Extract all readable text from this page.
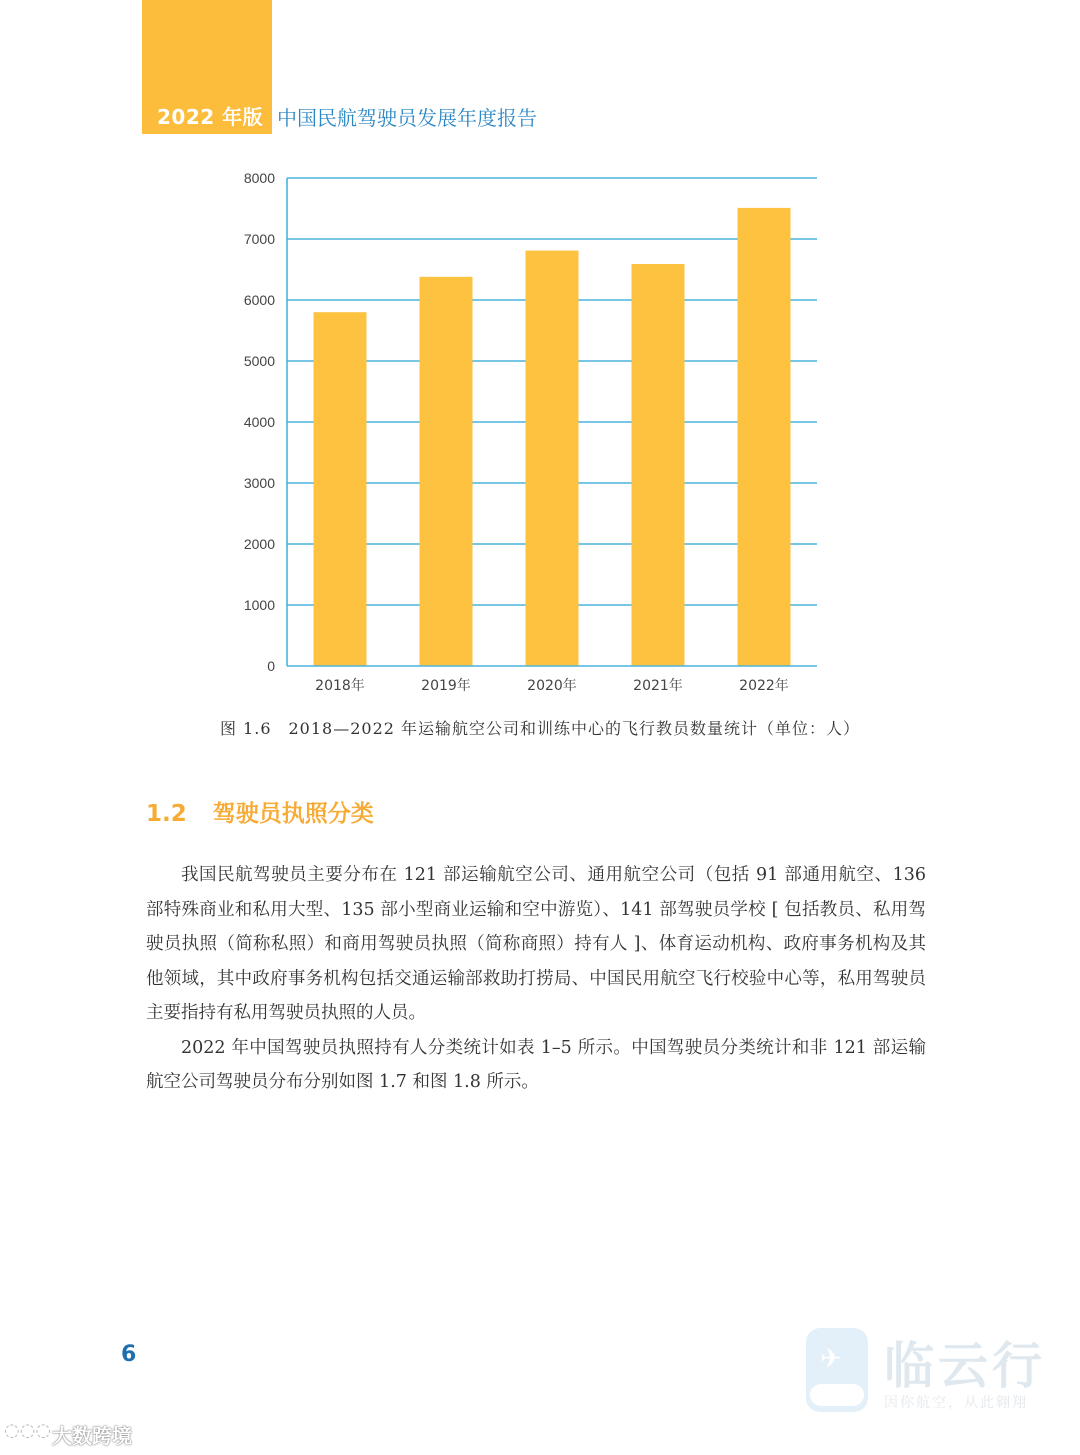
2022 年版 中国民航驾驶员发展年度报告
0
1000
2000
3000
4000
5000
6000
7000
8000
2018年	2019年	2020年	2021年	2022年
图 1.6　2018—2022 年运输航空公司和训练中心的飞行教员数量统计（单位：人）
1.2 驾驶员执照分类

我国民航驾驶员主要分布在 121 部运输航空公司、通用航空公司（包括 91 部通用航空、136 部特殊商业和私用大型、135 部小型商业运输和空中游览）、141 部驾驶员学校 [ 包括教员、私用驾驶员执照（简称私照）和商用驾驶员执照（简称商照）持有人 ]、体育运动机构、政府事务机构及其他领域，其中政府事务机构包括交通运输部救助打捞局、中国民用航空飞行校验中心等，私用驾驶员主要指持有私用驾驶员执照的人员。

2022 年中国驾驶员执照持有人分类统计如表 1–5 所示。中国驾驶员分类统计和非 121 部运输航空公司驾驶员分布分别如图 1.7 和图 1.8 所示。

6	✈ 临云行
因你航空，从此翱翔
◌◌◌ 大数跨境
